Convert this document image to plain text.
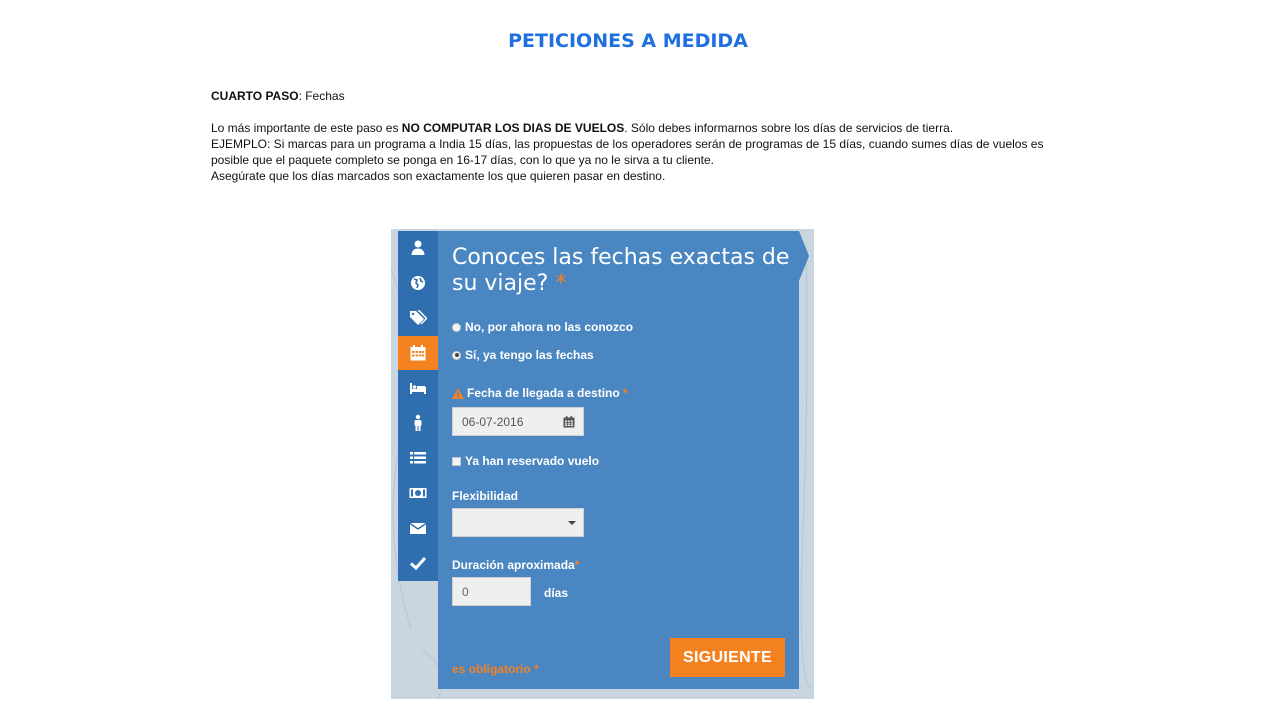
PETICIONES A MEDIDA

CUARTO PASO: Fechas

Lo más importante de este paso es NO COMPUTAR LOS DIAS DE VUELOS. Sólo debes informarnos sobre los días de servicios de tierra.

EJEMPLO: Si marcas para un programa a India 15 días, las propuestas de los operadores serán de programas de 15 días, cuando sumes días de vuelos es posible que el paquete completo se ponga en 16-17 días, con lo que ya no le sirva a tu cliente.

Asegúrate que los días marcados son exactamente los que quieren pasar en destino.

Conoces las fechas exactas de su viaje? *
No, por ahora no las conozco
Sí, ya tengo las fechas
Fecha de llegada a destino
*
06-07-2016
Ya han reservado vuelo
Flexibilidad
Duración aproximada *
0	días
es obligatorio *
SIGUIENTE
